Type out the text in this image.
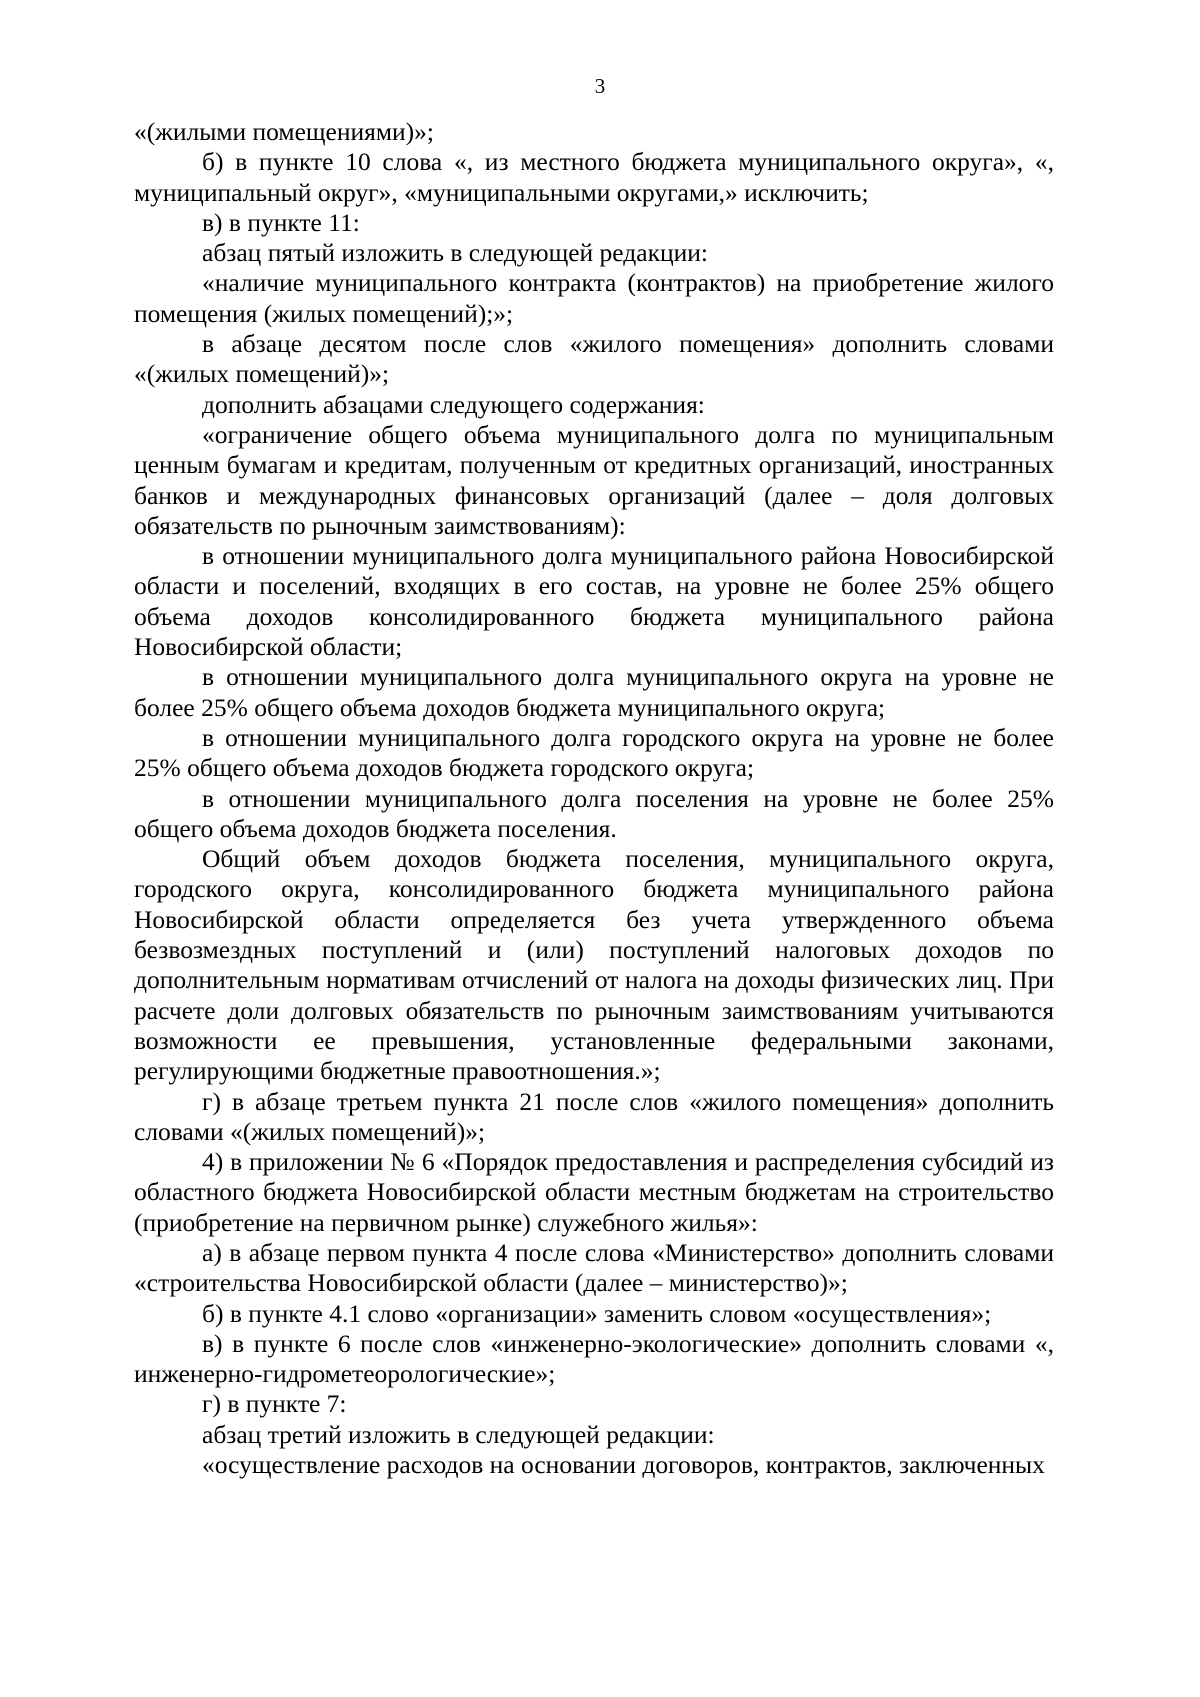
3

«(жилыми помещениями)»;

б) в пункте 10 слова «, из местного бюджета муниципального округа», «, муниципальный округ», «муниципальными округами,» исключить;

в) в пункте 11:

абзац пятый изложить в следующей редакции:

«наличие муниципального контракта (контрактов) на приобретение жилого помещения (жилых помещений);»;

в абзаце десятом после слов «жилого помещения» дополнить словами «(жилых помещений)»;

дополнить абзацами следующего содержания:

«ограничение общего объема муниципального долга по муниципальным ценным бумагам и кредитам, полученным от кредитных организаций, иностранных банков и международных финансовых организаций (далее – доля долговых обязательств по рыночным заимствованиям):

в отношении муниципального долга муниципального района Новосибирской области и поселений, входящих в его состав, на уровне не более 25% общего объема доходов консолидированного бюджета муниципального района Новосибирской области;

в отношении муниципального долга муниципального округа на уровне не более 25% общего объема доходов бюджета муниципального округа;

в отношении муниципального долга городского округа на уровне не более 25% общего объема доходов бюджета городского округа;

в отношении муниципального долга поселения на уровне не более 25% общего объема доходов бюджета поселения.

Общий объем доходов бюджета поселения, муниципального округа, городского округа, консолидированного бюджета муниципального района Новосибирской области определяется без учета утвержденного объема безвозмездных поступлений и (или) поступлений налоговых доходов по дополнительным нормативам отчислений от налога на доходы физических лиц. При расчете доли долговых обязательств по рыночным заимствованиям учитываются возможности ее превышения, установленные федеральными законами, регулирующими бюджетные правоотношения.»;

г) в абзаце третьем пункта 21 после слов «жилого помещения» дополнить словами «(жилых помещений)»;

4) в приложении № 6 «Порядок предоставления и распределения субсидий из областного бюджета Новосибирской области местным бюджетам на строительство (приобретение на первичном рынке) служебного жилья»:

а) в абзаце первом пункта 4 после слова «Министерство» дополнить словами «строительства Новосибирской области (далее – министерство)»;

б) в пункте 4.1 слово «организации» заменить словом «осуществления»;

в) в пункте 6 после слов «инженерно-экологические» дополнить словами «, инженерно-гидрометеорологические»;

г) в пункте 7:

абзац третий изложить в следующей редакции:

«осуществление расходов на основании договоров, контрактов, заключенных
